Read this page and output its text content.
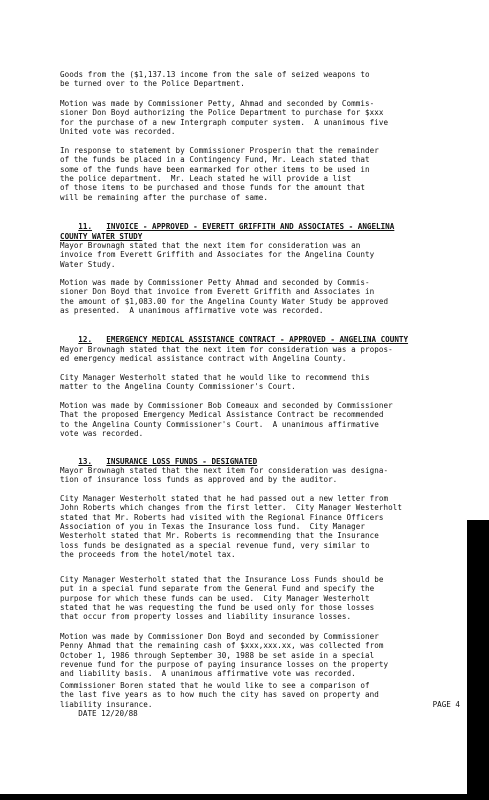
Goods from the ($1,137.13 income from the sale of seized weapons to
be turned over to the Police Department.
Motion was made by Commissioner Petty, Ahmad and seconded by Commis-
sioner Don Boyd authorizing the Police Department to purchase for $xxx
for the purchase of a new Intergraph computer system.  A unanimous five
United vote was recorded.
In response to statement by Commissioner Prosperin that the remainder
of the funds be placed in a Contingency Fund, Mr. Leach stated that
some of the funds have been earmarked for other items to be used in
the police department.  Mr. Leach stated he will provide a list
of those items to be purchased and those funds for the amount that
will be remaining after the purchase of same.

11. INVOICE - APPROVED - EVERETT GRIFFITH AND ASSOCIATES - ANGELINA
COUNTY WATER STUDY

Mayor Brownagh stated that the next item for consideration was an
invoice from Everett Griffith and Associates for the Angelina County
Water Study.
Motion was made by Commissioner Petty Ahmad and seconded by Commis-
sioner Don Boyd that invoice from Everett Griffith and Associates in
the amount of $1,083.00 for the Angelina County Water Study be approved
as presented.  A unanimous affirmative vote was recorded.

12. EMERGENCY MEDICAL ASSISTANCE CONTRACT - APPROVED - ANGELINA COUNTY

Mayor Brownagh stated that the next item for consideration was a propos-
ed emergency medical assistance contract with Angelina County.
City Manager Westerholt stated that he would like to recommend this
matter to the Angelina County Commissioner's Court.
Motion was made by Commissioner Bob Comeaux and seconded by Commissioner
That the proposed Emergency Medical Assistance Contract be recommended
to the Angelina County Commissioner's Court.  A unanimous affirmative
vote was recorded.

13. INSURANCE LOSS FUNDS - DESIGNATED

Mayor Brownagh stated that the next item for consideration was designa-
tion of insurance loss funds as approved and by the auditor.
City Manager Westerholt stated that he had passed out a new letter from
John Roberts which changes from the first letter.  City Manager Westerholt
stated that Mr. Roberts had visited with the Regional Finance Officers
Association of you in Texas the Insurance loss fund.  City Manager
Westerholt stated that Mr. Roberts is recommending that the Insurance
loss funds be designated as a special revenue fund, very similar to
the proceeds from the hotel/motel tax.
City Manager Westerholt stated that the Insurance Loss Funds should be
put in a special fund separate from the General Fund and specify the
purpose for which these funds can be used.  City Manager Westerholt
stated that he was requesting the fund be used only for those losses
that occur from property losses and liability insurance losses.
Motion was made by Commissioner Don Boyd and seconded by Commissioner
Penny Ahmad that the remaining cash of $xxx,xxx.xx, was collected from
October 1, 1986 through September 30, 1988 be set aside in a special
revenue fund for the purpose of paying insurance losses on the property
and liability basis.  A unanimous affirmative vote was recorded.
Commissioner Boren stated that he would like to see a comparison of
the last five years as to how much the city has saved on property and
liability insurance.

DATE 12/20/88

PAGE 4
